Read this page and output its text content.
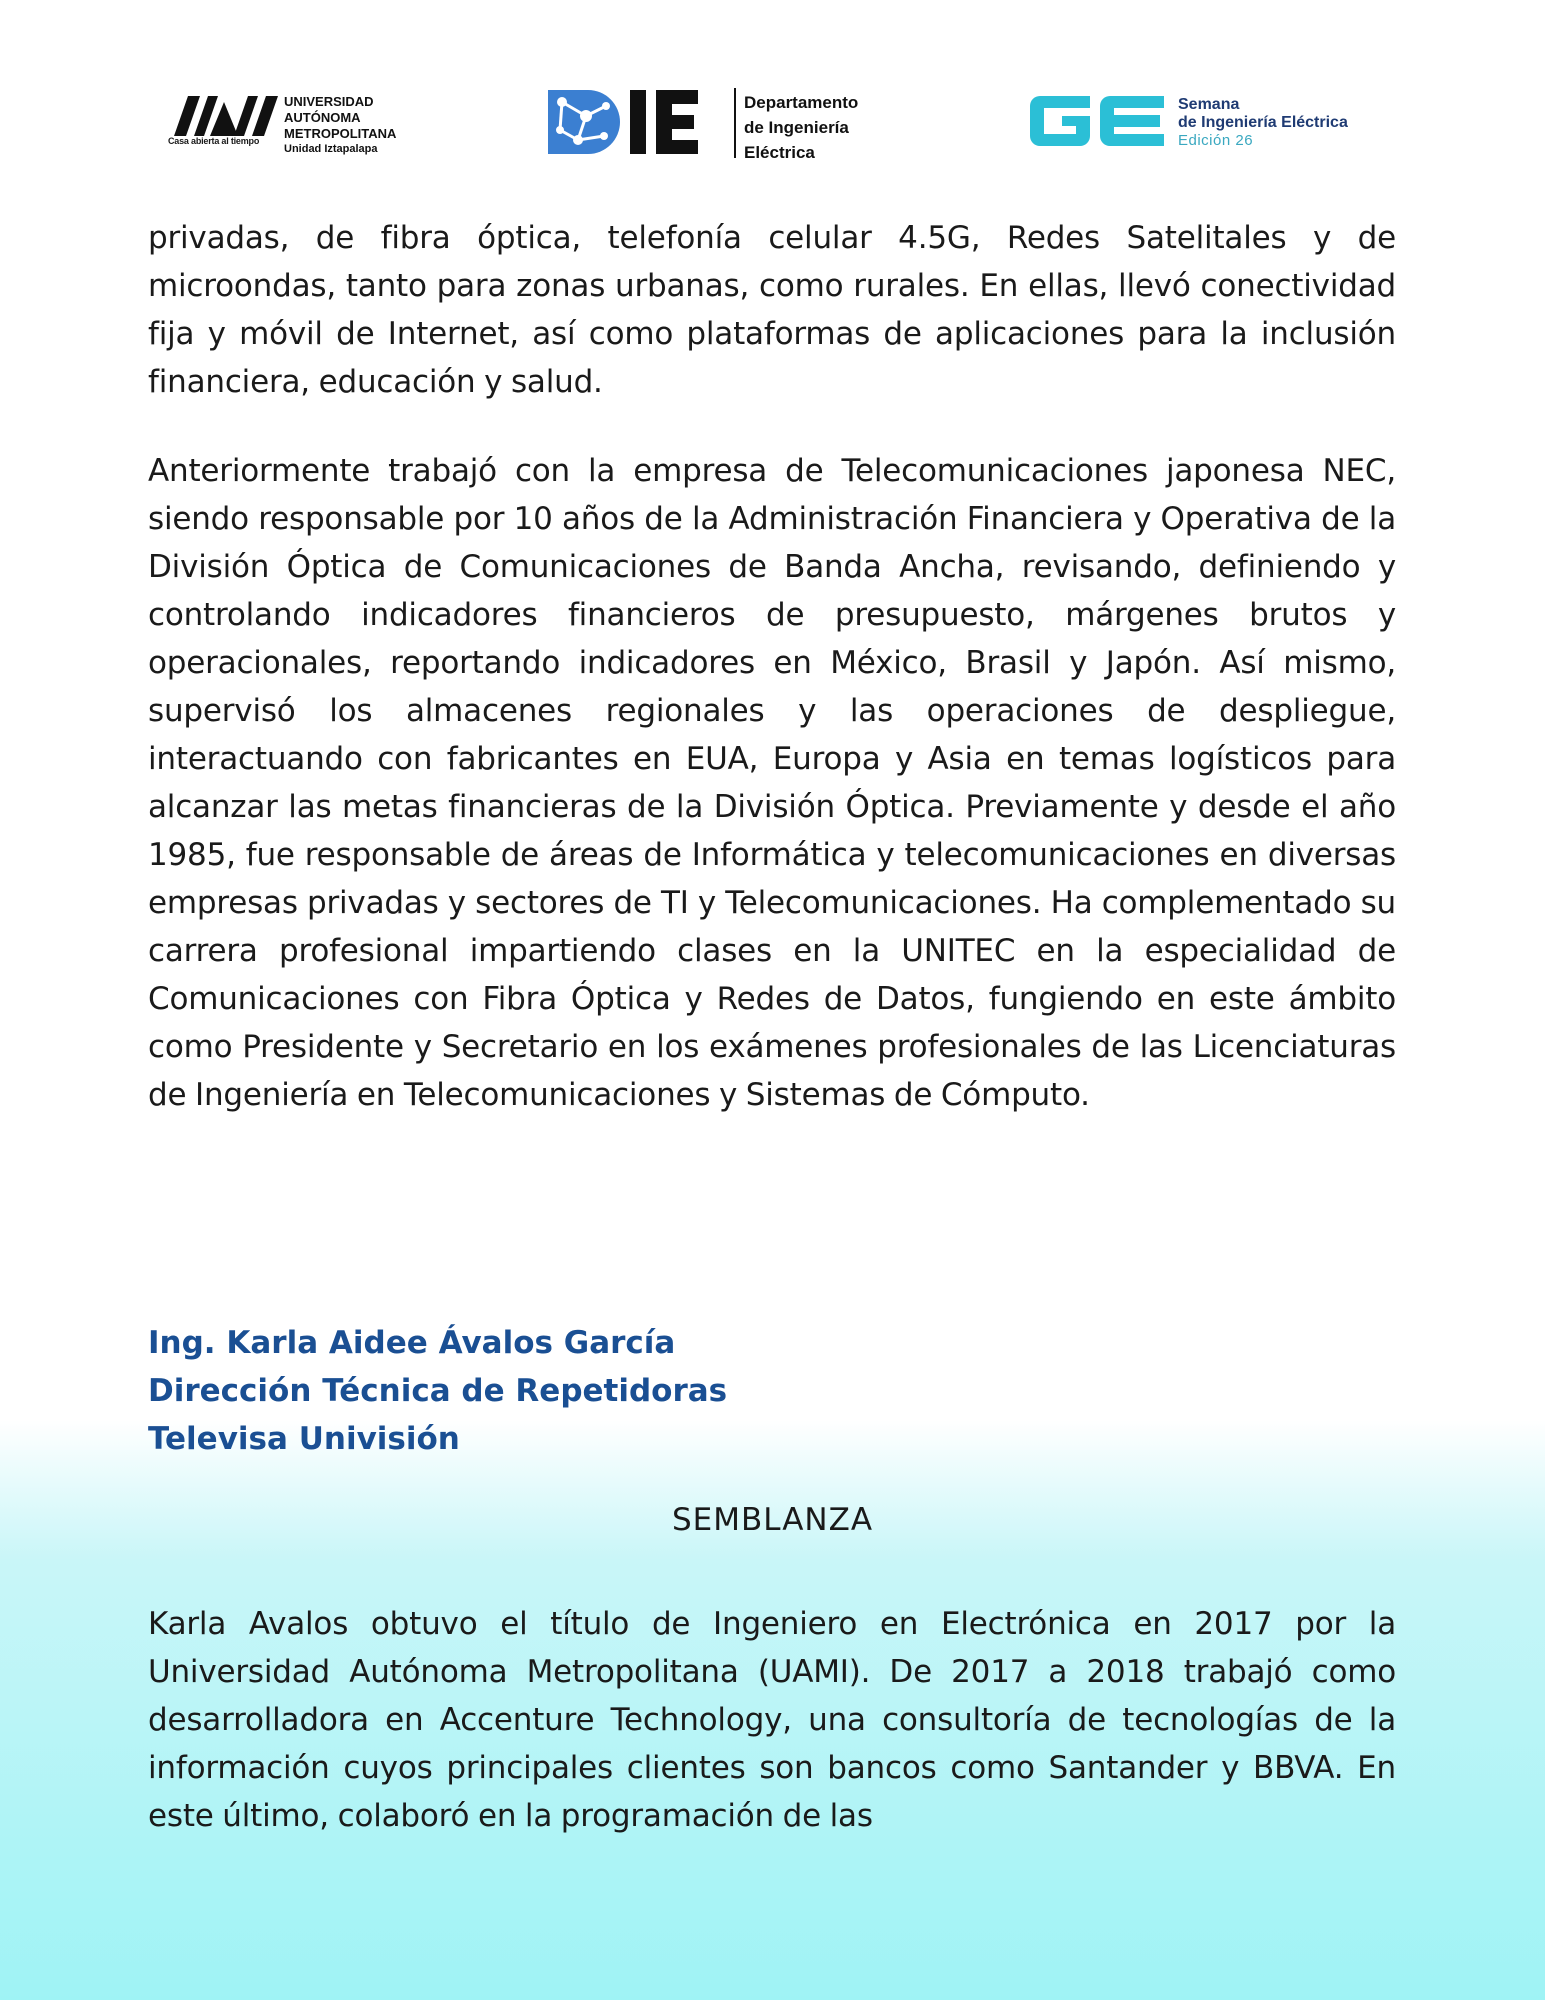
Casa abierta al tiempo
UNIVERSIDAD
AUTÓNOMA
METROPOLITANA
Unidad Iztapalapa
Departamento
de Ingeniería
Eléctrica
Semana
de Ingeniería Eléctrica
Edición 26

privadas, de fibra óptica, telefonía celular 4.5G, Redes Satelitales y de microondas, tanto para zonas urbanas, como rurales. En ellas, llevó conectividad fija y móvil de Internet, así como plataformas de aplicaciones para la inclusión financiera, educación y salud.

Anteriormente trabajó con la empresa de Telecomunicaciones japonesa NEC, siendo responsable por 10 años de la Administración Financiera y Operativa de la División Óptica de Comunicaciones de Banda Ancha, revisando, definiendo y controlando indicadores financieros de presupuesto, márgenes brutos y operacionales, reportando indicadores en México, Brasil y Japón. Así mismo, supervisó los almacenes regionales y las operaciones de despliegue, interactuando con fabricantes en EUA, Europa y Asia en temas logísticos para alcanzar las metas financieras de la División Óptica. Previamente y desde el año 1985, fue responsable de áreas de Informática y telecomunicaciones en diversas empresas privadas y sectores de TI y Telecomunicaciones. Ha complementado su carrera profesional impartiendo clases en la UNITEC en la especialidad de Comunicaciones con Fibra Óptica y Redes de Datos, fungiendo en este ámbito como Presidente y Secretario en los exámenes profesionales de las Licenciaturas de Ingeniería en Telecomunicaciones y Sistemas de Cómputo.

Ing. Karla Aidee Ávalos García
Dirección Técnica de Repetidoras
Televisa Univisión
SEMBLANZA

Karla Avalos obtuvo el título de Ingeniero en Electrónica en 2017 por la Universidad Autónoma Metropolitana (UAMI). De 2017 a 2018 trabajó como desarrolladora en Accenture Technology, una consultoría de tecnologías de la información cuyos principales clientes son bancos como Santander y BBVA. En este último, colaboró en la programación de las
